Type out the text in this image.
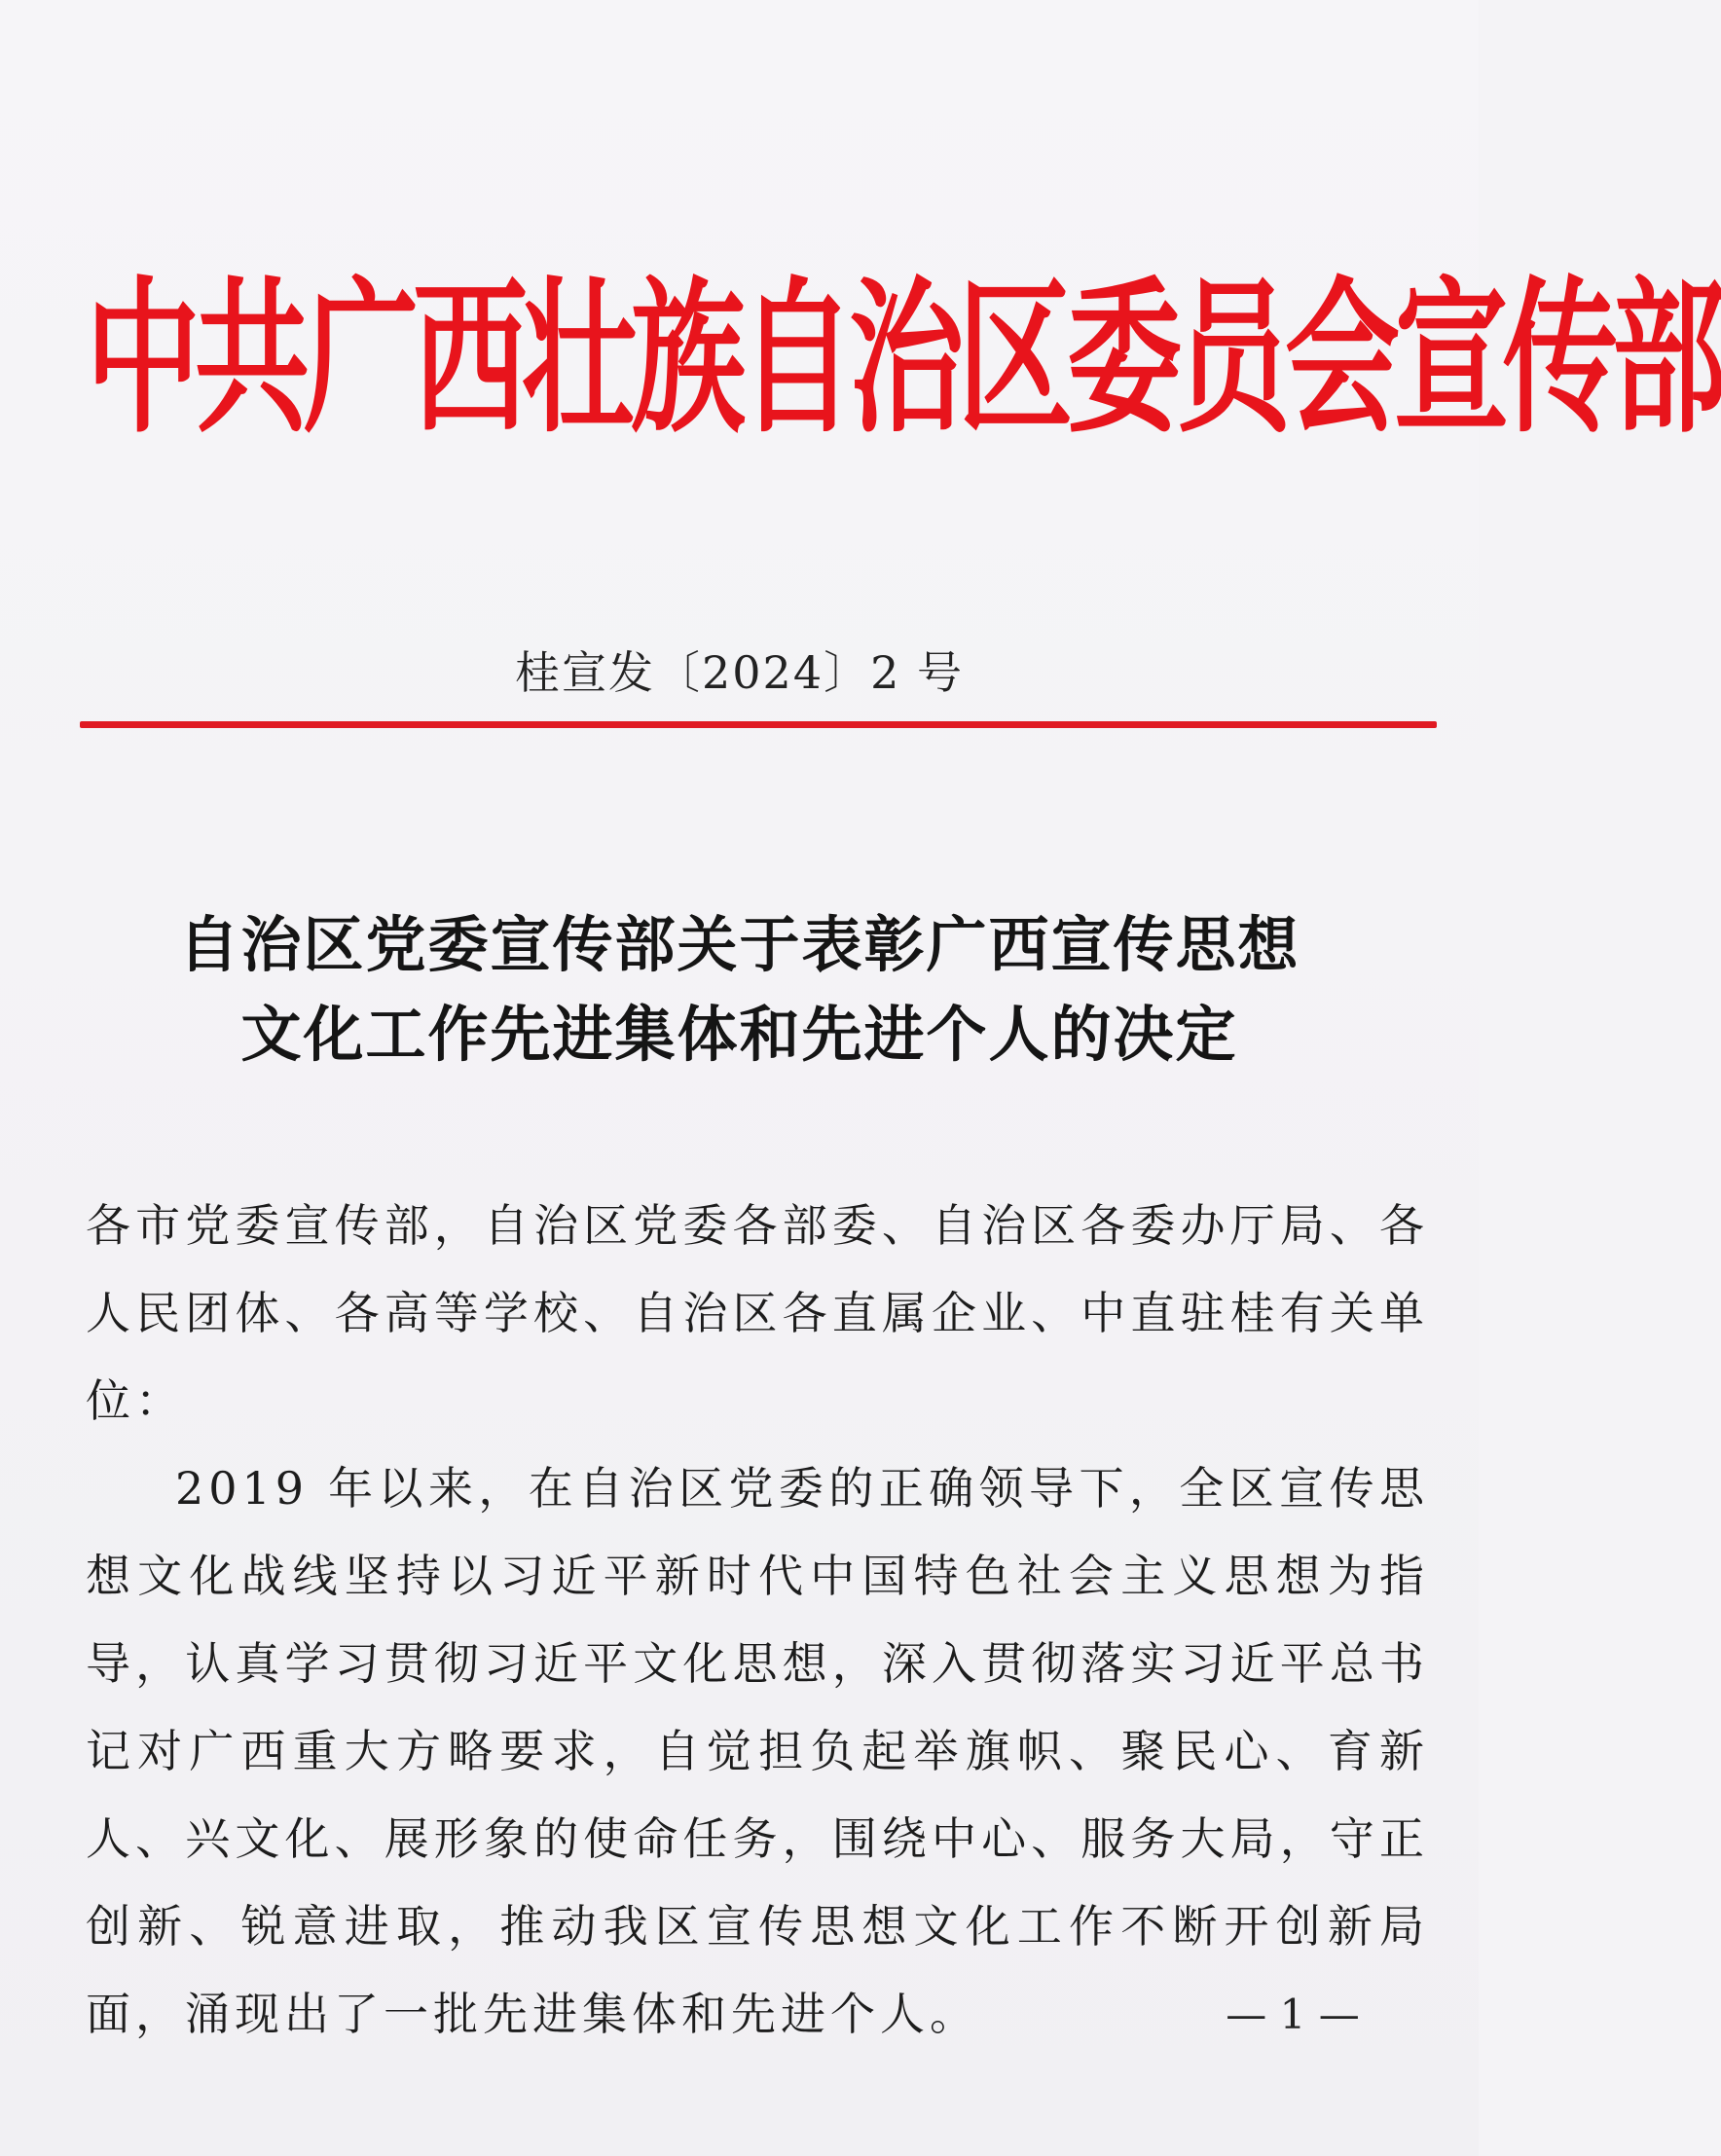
中共广西壮族自治区委员会宣传部
桂宣发〔2024〕2 号
自治区党委宣传部关于表彰广西宣传思想
文化工作先进集体和先进个人的决定

各市党委宣传部，自治区党委各部委、自治区各委办厅局、各人民团体、各高等学校、自治区各直属企业、中直驻桂有关单位：

2019 年以来，在自治区党委的正确领导下，全区宣传思想文化战线坚持以习近平新时代中国特色社会主义思想为指导，认真学习贯彻习近平文化思想，深入贯彻落实习近平总书记对广西重大方略要求，自觉担负起举旗帜、聚民心、育新人、兴文化、展形象的使命任务，围绕中心、服务大局，守正创新、锐意进取，推动我区宣传思想文化工作不断开创新局面，涌现出了一批先进集体和先进个人。	— 1 —
